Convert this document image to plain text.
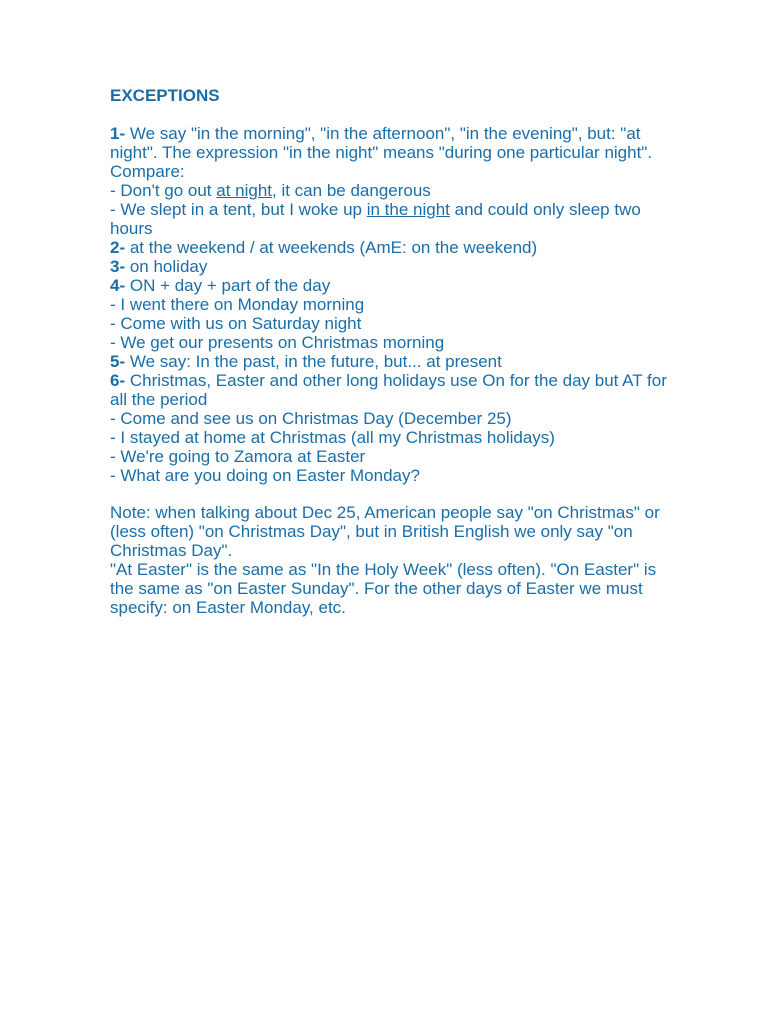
EXCEPTIONS

1- We say "in the morning", "in the afternoon", "in the evening", but: "at night". The expression "in the night" means "during one particular night". Compare:

- Don't go out at night, it can be dangerous

- We slept in a tent, but I woke up in the night and could only sleep two hours

2- at the weekend / at weekends (AmE: on the weekend)

3- on holiday

4- ON + day + part of the day

- I went there on Monday morning

- Come with us on Saturday night

- We get our presents on Christmas morning

5- We say: In the past, in the future, but... at present

6- Christmas, Easter and other long holidays use On for the day but AT for all the period

- Come and see us on Christmas Day (December 25)

- I stayed at home at Christmas (all my Christmas holidays)

- We're going to Zamora at Easter

- What are you doing on Easter Monday?

Note: when talking about Dec 25, American people say "on Christmas" or (less often) "on Christmas Day", but in British English we only say "on Christmas Day".

"At Easter" is the same as "In the Holy Week" (less often). "On Easter" is the same as "on Easter Sunday". For the other days of Easter we must specify: on Easter Monday, etc.
